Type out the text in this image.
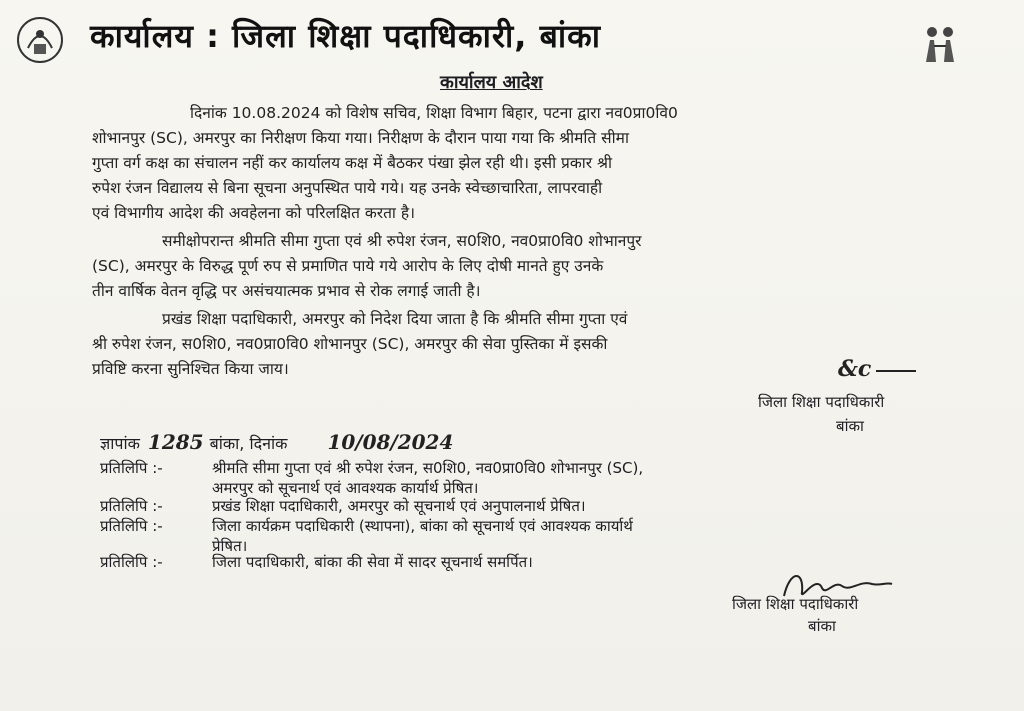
कार्यालय : जिला शिक्षा पदाधिकारी, बांका
कार्यालय आदेश
दिनांक 10.08.2024 को विशेष सचिव, शिक्षा विभाग बिहार, पटना द्वारा नव0प्रा0वि0
शोभानपुर (SC), अमरपुर का निरीक्षण किया गया। निरीक्षण के दौरान पाया गया कि श्रीमति सीमा
गुप्ता वर्ग कक्ष का संचालन नहीं कर कार्यालय कक्ष में बैठकर पंखा झेल रही थी। इसी प्रकार श्री
रुपेश रंजन विद्यालय से बिना सूचना अनुपस्थित पाये गये। यह उनके स्वेच्छाचारिता, लापरवाही
एवं विभागीय आदेश की अवहेलना को परिलक्षित करता है।
समीक्षोपरान्त श्रीमति सीमा गुप्ता एवं श्री रुपेश रंजन, स0शि0, नव0प्रा0वि0 शोभानपुर
(SC), अमरपुर के विरुद्ध पूर्ण रुप से प्रमाणित पाये गये आरोप के लिए दोषी मानते हुए उनके
तीन वार्षिक वेतन वृद्धि पर असंचयात्मक प्रभाव से रोक लगाई जाती है।
प्रखंड शिक्षा पदाधिकारी, अमरपुर को निदेश दिया जाता है कि श्रीमति सीमा गुप्ता एवं
श्री रुपेश रंजन, स0शि0, नव0प्रा0वि0 शोभानपुर (SC), अमरपुर की सेवा पुस्तिका में इसकी
प्रविष्टि करना सुनिश्चित किया जाय।	&c
जिला शिक्षा पदाधिकारी
बांका
ज्ञापांक 1285 बांका, दिनांक 10/08/2024
प्रतिलिपि :-	श्रीमति सीमा गुप्ता एवं श्री रुपेश रंजन, स0शि0, नव0प्रा0वि0 शोभानपुर (SC),
अमरपुर को सूचनार्थ एवं आवश्यक कार्यार्थ प्रेषित।
प्रतिलिपि :-	प्रखंड शिक्षा पदाधिकारी, अमरपुर को सूचनार्थ एवं अनुपालनार्थ प्रेषित।
प्रतिलिपि :-	जिला कार्यक्रम पदाधिकारी (स्थापना), बांका को सूचनार्थ एवं आवश्यक कार्यार्थ
प्रेषित।
प्रतिलिपि :-	जिला पदाधिकारी, बांका की सेवा में सादर सूचनार्थ समर्पित।
जिला शिक्षा पदाधिकारी
बांका
